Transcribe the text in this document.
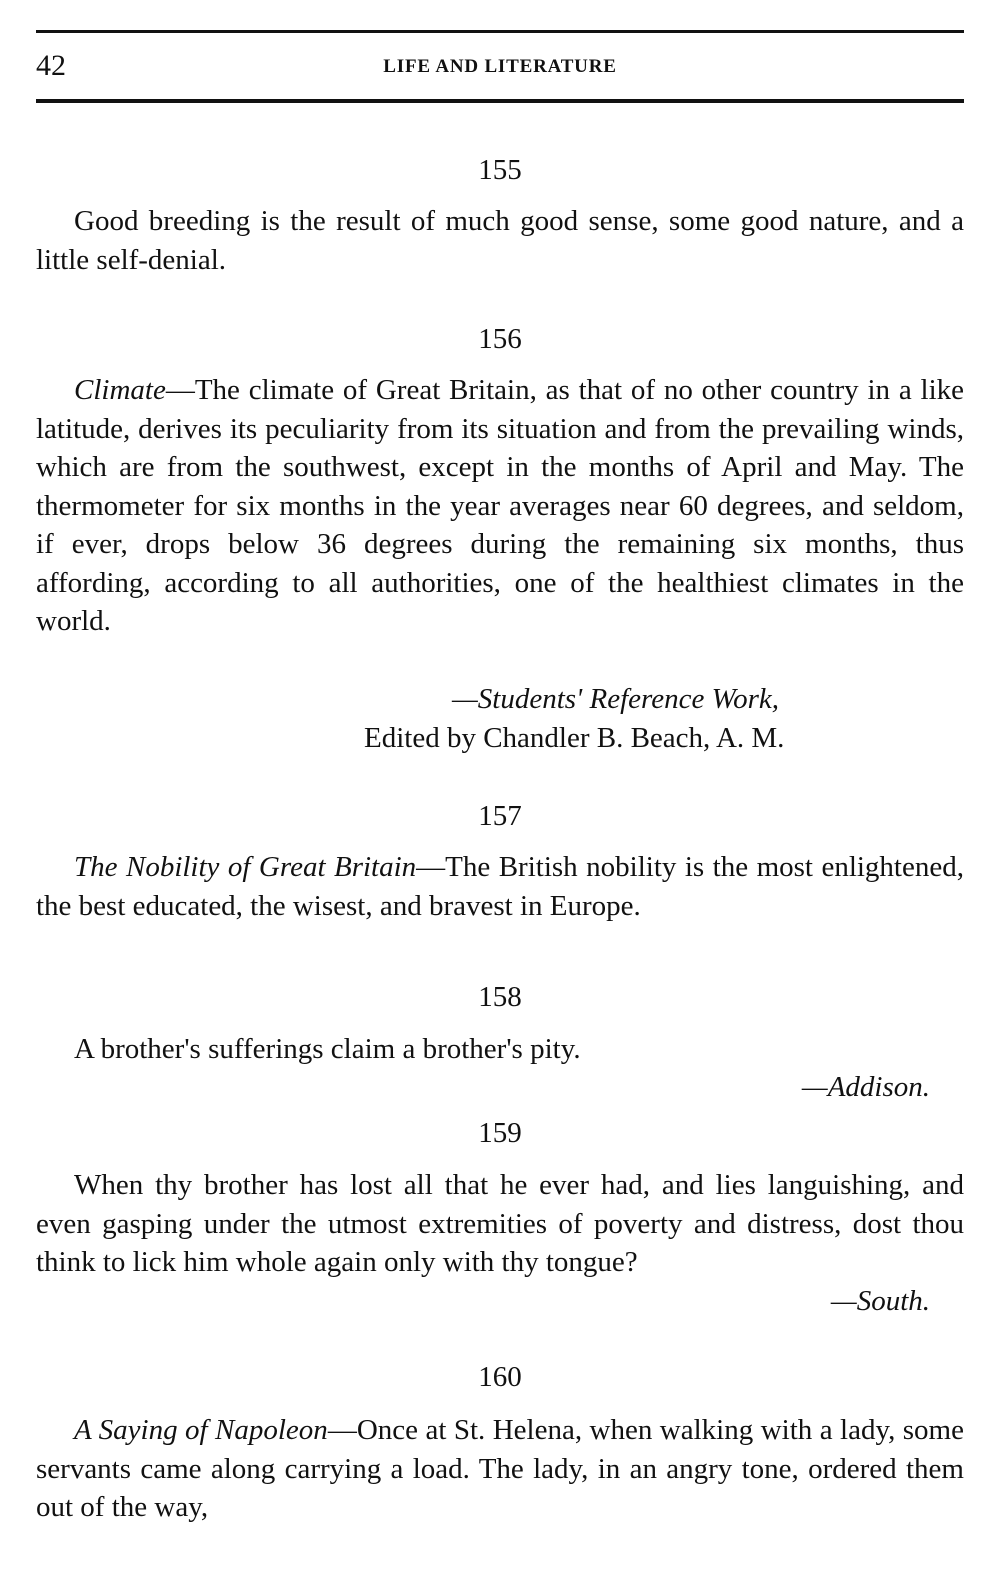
42	LIFE AND LITERATURE
155

Good breeding is the result of much good sense, some good nature, and a little self-denial.

156

Climate—The climate of Great Britain, as that of no other country in a like latitude, derives its peculiarity from its situation and from the prevailing winds, which are from the southwest, except in the months of April and May. The thermometer for six months in the year averages near 60 degrees, and seldom, if ever, drops below 36 degrees during the remaining six months, thus affording, according to all authorities, one of the healthiest climates in the world.

—Students' Reference Work,
Edited by Chandler B. Beach, A. M.
157

The Nobility of Great Britain—The British nobility is the most enlightened, the best educated, the wisest, and bravest in Europe.

158

A brother's sufferings claim a brother's pity.

—Addison.
159

When thy brother has lost all that he ever had, and lies languishing, and even gasping under the utmost extremities of poverty and distress, dost thou think to lick him whole again only with thy tongue?

—South.
160

A Saying of Napoleon—Once at St. Helena, when walking with a lady, some servants came along carrying a load. The lady, in an angry tone, ordered them out of the way,
